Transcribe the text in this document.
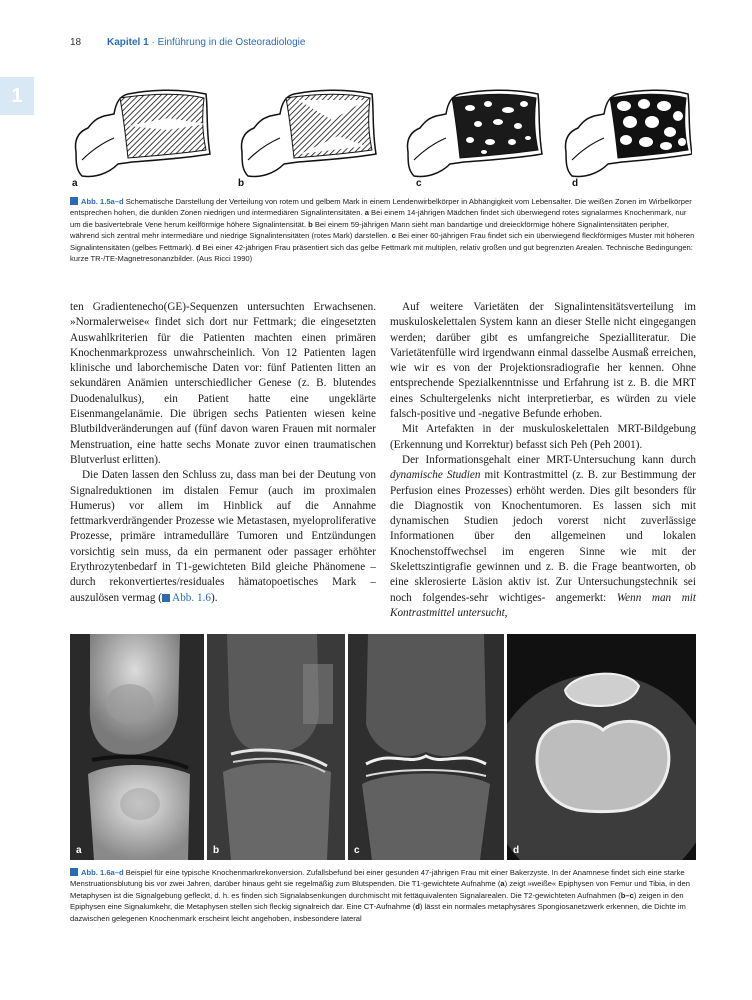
18	Kapitel 1 · Einführung in die Osteoradiologie
1
a	b	c	d
Abb. 1.5a–d Schematische Darstellung der Verteilung von rotem und gelbem Mark in einem Lendenwirbelkörper in Abhängigkeit vom Lebensalter. Die weißen Zonen im Wirbelkörper entsprechen hohen, die dunklen Zonen niedrigen und intermediären Signalintensitäten. a Bei einem 14-jährigen Mädchen findet sich überwiegend rotes signalarmes Knochenmark, nur um die basivertebrale Vene herum keilförmige höhere Signalintensität. b Bei einem 59-jährigen Mann sieht man bandartige und dreieckförmige höhere Signalintensitäten peripher, während sich zentral mehr intermediäre und niedrige Signalintensitäten (rotes Mark) darstellen. c Bei einer 60-jährigen Frau findet sich ein überwiegend fleckförmiges Muster mit höheren Signalintensitäten (gelbes Fettmark). d Bei einer 42-jährigen Frau präsentiert sich das gelbe Fettmark mit multiplen, relativ großen und gut begrenzten Arealen. Technische Bedingungen: kurze TR-/TE-Magnetresonanzbilder. (Aus Ricci 1990)

ten Gradientenecho(GE)-Sequenzen untersuchten Erwachsenen. »Normalerweise« findet sich dort nur Fettmark; die eingesetzten Auswahlkriterien für die Patienten machten einen primären Knochenmarkprozess unwahrscheinlich. Von 12 Patienten lagen klinische und laborchemische Daten vor: fünf Patienten litten an sekundären Anämien unterschiedlicher Genese (z. B. blutendes Duodenalulkus), ein Patient hatte eine ungeklärte Eisenmangelanämie. Die übrigen sechs Patienten wiesen keine Blutbildveränderungen auf (fünf davon waren Frauen mit normaler Menstruation, eine hatte sechs Monate zuvor einen traumatischen Blutverlust erlitten).

Die Daten lassen den Schluss zu, dass man bei der Deutung von Signalreduktionen im distalen Femur (auch im proximalen Humerus) vor allem im Hinblick auf die Annahme fettmarkverdrängender Prozesse wie Metastasen, myeloproliferative Prozesse, primäre intramedulläre Tumoren und Entzündungen vorsichtig sein muss, da ein permanent oder passager erhöhter Erythrozytenbedarf in T1-gewichteten Bild gleiche Phänomene – durch rekonvertiertes/residuales hämatopoetisches Mark – auszulösen vermag ( Abb. 1.6).

Auf weitere Varietäten der Signalintensitätsverteilung im muskuloskelettalen System kann an dieser Stelle nicht eingegangen werden; darüber gibt es umfangreiche Spezialliteratur. Die Varietätenfülle wird irgendwann einmal dasselbe Ausmaß erreichen, wie wir es von der Projektionsradiografie her kennen. Ohne entsprechende Spezialkenntnisse und Erfahrung ist z. B. die MRT eines Schultergelenks nicht interpretierbar, es würden zu viele falsch-positive und -negative Befunde erhoben.

Mit Artefakten in der muskuloskelettalen MRT-Bildgebung (Erkennung und Korrektur) befasst sich Peh (Peh 2001).

Der Informationsgehalt einer MRT-Untersuchung kann durch dynamische Studien mit Kontrastmittel (z. B. zur Bestimmung der Perfusion eines Prozesses) erhöht werden. Dies gilt besonders für die Diagnostik von Knochentumoren. Es lassen sich mit dynamischen Studien jedoch vorerst nicht zuverlässige Informationen über den allgemeinen und lokalen Knochenstoffwechsel im engeren Sinne wie mit der Skelettszintigrafie gewinnen und z. B. die Frage beantworten, ob eine sklerosierte Läsion aktiv ist. Zur Untersuchungstechnik sei noch folgendes-sehr wichtiges- angemerkt: Wenn man mit Kontrastmittel untersucht,

a	b	c	d
Abb. 1.6a–d Beispiel für eine typische Knochenmarkrekonversion. Zufallsbefund bei einer gesunden 47-jährigen Frau mit einer Bakerzyste. In der Anamnese findet sich eine starke Menstruationsblutung bis vor zwei Jahren, darüber hinaus geht sie regelmäßig zum Blutspenden. Die T1-gewichtete Aufnahme (a) zeigt »weiße« Epiphysen von Femur und Tibia, in den Metaphysen ist die Signalgebung gefleckt, d. h. es finden sich Signalabsenkungen durchmischt mit fettäquivalenten Signalarealen. Die T2-gewichteten Aufnahmen (b–c) zeigen in den Epiphysen eine Signalumkehr, die Metaphysen stellen sich fleckig signalreich dar. Eine CT-Aufnahme (d) lässt ein normales metaphysäres Spongiosanetzwerk erkennen, die Dichte im dazwischen gelegenen Knochenmark erscheint leicht angehoben, insbesondere lateral
